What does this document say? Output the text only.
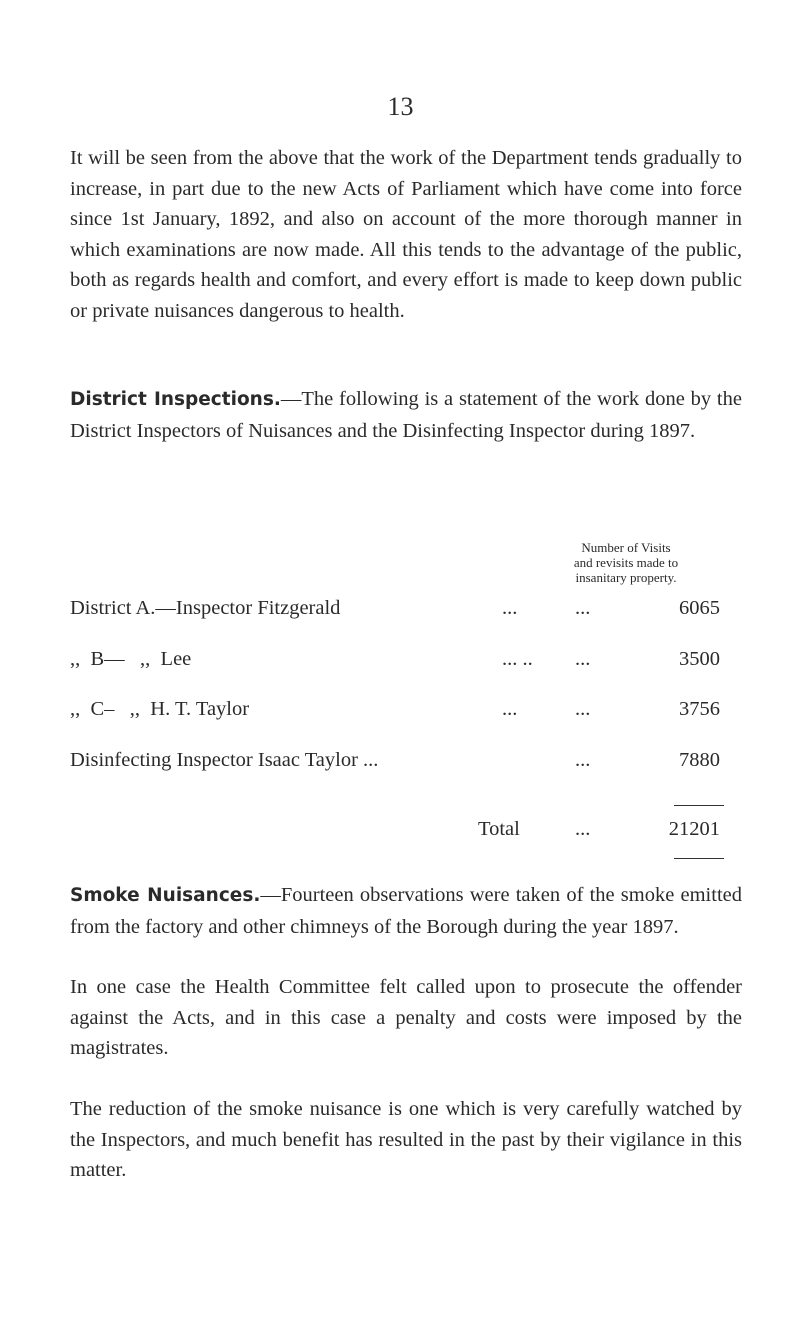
13

It will be seen from the above that the work of the Department tends gradually to increase, in part due to the new Acts of Parliament which have come into force since 1st January, 1892, and also on account of the more thorough manner in which examinations are now made. All this tends to the advantage of the public, both as regards health and comfort, and every effort is made to keep down public or private nuisances dangerous to health.

District Inspections.—The following is a statement of the work done by the District Inspectors of Nuisances and the Disinfecting Inspector during 1897.

Number of Visits
and revisits made to
insanitary property.
District A.—Inspector Fitzgerald	...	...	6065
,,  B—   ,,  Lee	... .. ...	3500
,,  C–   ,,  H. T. Taylor	...	...	3756
Disinfecting Inspector Isaac Taylor ...	...	7880
Total	...	21201

Smoke Nuisances.—Fourteen observations were taken of the smoke emitted from the factory and other chimneys of the Borough during the year 1897.

In one case the Health Committee felt called upon to prosecute the offender against the Acts, and in this case a penalty and costs were imposed by the magistrates.

The reduction of the smoke nuisance is one which is very carefully watched by the Inspectors, and much benefit has resulted in the past by their vigilance in this matter.
